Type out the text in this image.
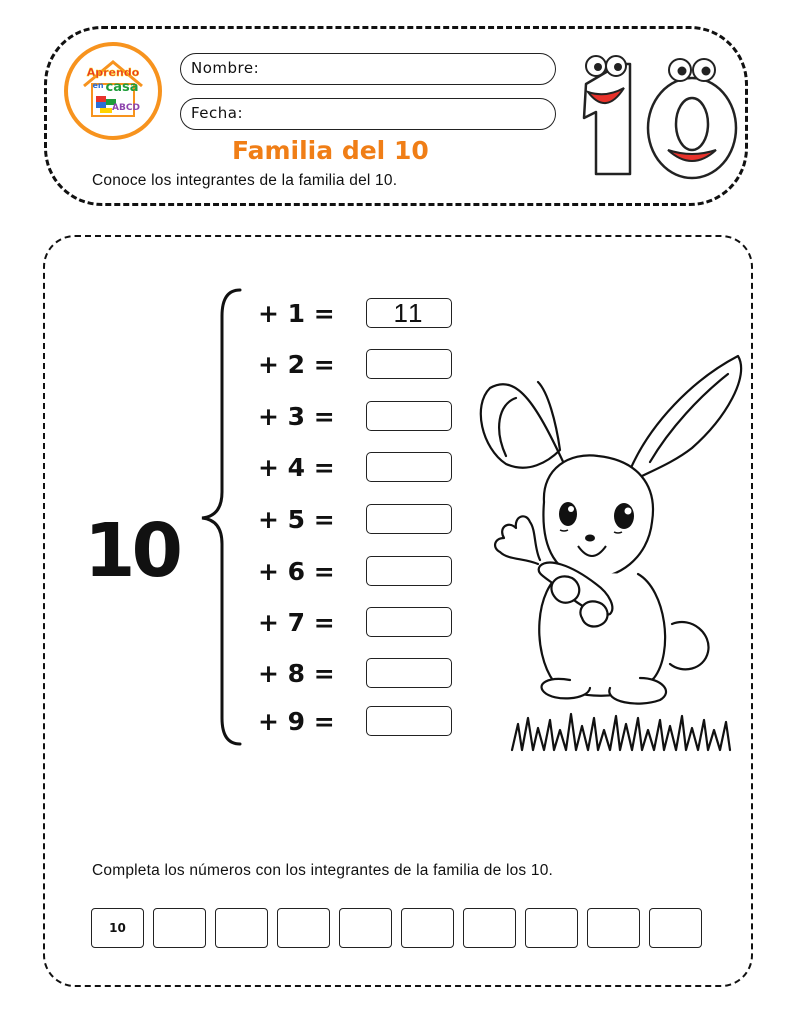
Aprendo
en casa
ABCD
Nombre:
Fecha:
Familia del 10
Conoce los integrantes de la familia del 10.
10
+ 1 =	11
+ 2 =
+ 3 =
+ 4 =
+ 5 =
+ 6 =
+ 7 =
+ 8 =
+ 9 =
Completa los números con los integrantes de la familia de los 10.
10
